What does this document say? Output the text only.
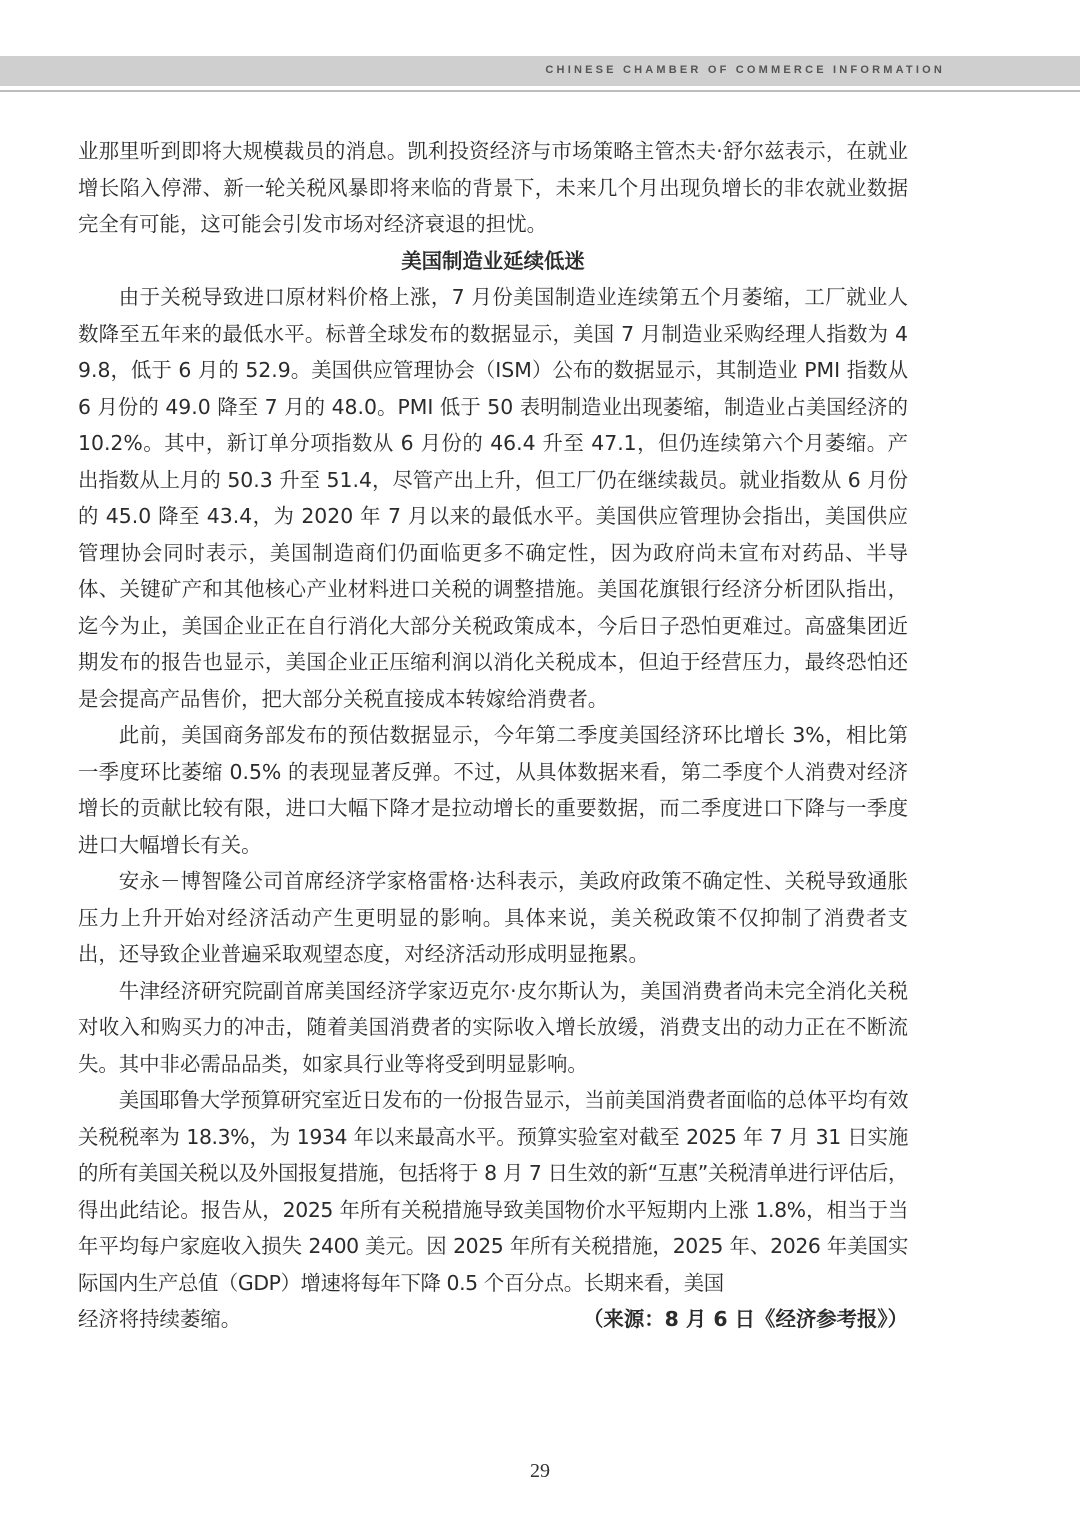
CHINESE CHAMBER OF COMMERCE INFORMATION

业那里听到即将大规模裁员的消息。凯利投资经济与市场策略主管杰夫·舒尔兹表示，在就业增长陷入停滞、新一轮关税风暴即将来临的背景下，未来几个月出现负增长的非农就业数据完全有可能，这可能会引发市场对经济衰退的担忧。

美国制造业延续低迷

由于关税导致进口原材料价格上涨，7 月份美国制造业连续第五个月萎缩，工厂就业人数降至五年来的最低水平。标普全球发布的数据显示，美国 7 月制造业采购经理人指数为 49.8，低于 6 月的 52.9。美国供应管理协会（ISM）公布的数据显示，其制造业 PMI 指数从 6 月份的 49.0 降至 7 月的 48.0。PMI 低于 50 表明制造业出现萎缩，制造业占美国经济的 10.2%。其中，新订单分项指数从 6 月份的 46.4 升至 47.1，但仍连续第六个月萎缩。产出指数从上月的 50.3 升至 51.4，尽管产出上升，但工厂仍在继续裁员。就业指数从 6 月份的 45.0 降至 43.4，为 2020 年 7 月以来的最低水平。美国供应管理协会指出，美国供应管理协会同时表示，美国制造商们仍面临更多不确定性，因为政府尚未宣布对药品、半导体、关键矿产和其他核心产业材料进口关税的调整措施。美国花旗银行经济分析团队指出，迄今为止，美国企业正在自行消化大部分关税政策成本，今后日子恐怕更难过。高盛集团近期发布的报告也显示，美国企业正压缩利润以消化关税成本，但迫于经营压力，最终恐怕还是会提高产品售价，把大部分关税直接成本转嫁给消费者。

此前，美国商务部发布的预估数据显示，今年第二季度美国经济环比增长 3%，相比第一季度环比萎缩 0.5% 的表现显著反弹。不过，从具体数据来看，第二季度个人消费对经济增长的贡献比较有限，进口大幅下降才是拉动增长的重要数据，而二季度进口下降与一季度进口大幅增长有关。

安永－博智隆公司首席经济学家格雷格·达科表示，美政府政策不确定性、关税导致通胀压力上升开始对经济活动产生更明显的影响。具体来说，美关税政策不仅抑制了消费者支出，还导致企业普遍采取观望态度，对经济活动形成明显拖累。

牛津经济研究院副首席美国经济学家迈克尔·皮尔斯认为，美国消费者尚未完全消化关税对收入和购买力的冲击，随着美国消费者的实际收入增长放缓，消费支出的动力正在不断流失。其中非必需品品类，如家具行业等将受到明显影响。

美国耶鲁大学预算研究室近日发布的一份报告显示，当前美国消费者面临的总体平均有效关税税率为 18.3%，为 1934 年以来最高水平。预算实验室对截至 2025 年 7 月 31 日实施的所有美国关税以及外国报复措施，包括将于 8 月 7 日生效的新“互惠”关税清单进行评估后，得出此结论。报告从，2025 年所有关税措施导致美国物价水平短期内上涨 1.8%，相当于当年平均每户家庭收入损失 2400 美元。因 2025 年所有关税措施，2025 年、2026 年美国实际国内生产总值（GDP）增速将每年下降 0.5 个百分点。长期来看，美国

经济将持续萎缩。	（来源：8 月 6 日《经济参考报》）
29
